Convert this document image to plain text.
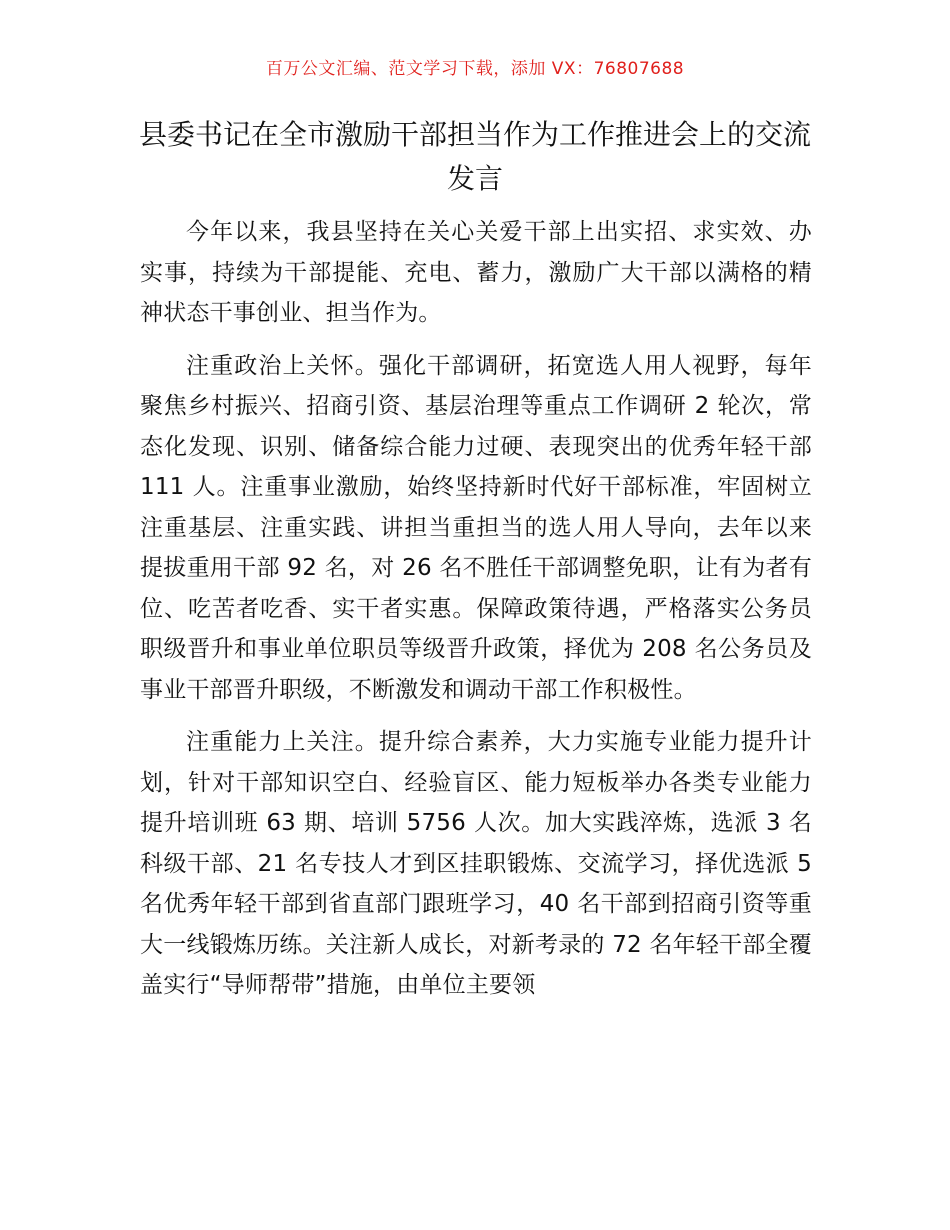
百万公文汇编、范文学习下载，添加 VX：76807688
县委书记在全市激励干部担当作为工作推进会上的交流发言

今年以来，我县坚持在关心关爱干部上出实招、求实效、办实事，持续为干部提能、充电、蓄力，激励广大干部以满格的精神状态干事创业、担当作为。

注重政治上关怀。强化干部调研，拓宽选人用人视野，每年聚焦乡村振兴、招商引资、基层治理等重点工作调研 2 轮次，常态化发现、识别、储备综合能力过硬、表现突出的优秀年轻干部 111 人。注重事业激励，始终坚持新时代好干部标准，牢固树立注重基层、注重实践、讲担当重担当的选人用人导向，去年以来提拔重用干部 92 名，对 26 名不胜任干部调整免职，让有为者有位、吃苦者吃香、实干者实惠。保障政策待遇，严格落实公务员职级晋升和事业单位职员等级晋升政策，择优为 208 名公务员及事业干部晋升职级，不断激发和调动干部工作积极性。

注重能力上关注。提升综合素养，大力实施专业能力提升计划，针对干部知识空白、经验盲区、能力短板举办各类专业能力提升培训班 63 期、培训 5756 人次。加大实践淬炼，选派 3 名科级干部、21 名专技人才到区挂职锻炼、交流学习，择优选派 5 名优秀年轻干部到省直部门跟班学习，40 名干部到招商引资等重大一线锻炼历练。关注新人成长，对新考录的 72 名年轻干部全覆盖实行“导师帮带”措施，由单位主要领
